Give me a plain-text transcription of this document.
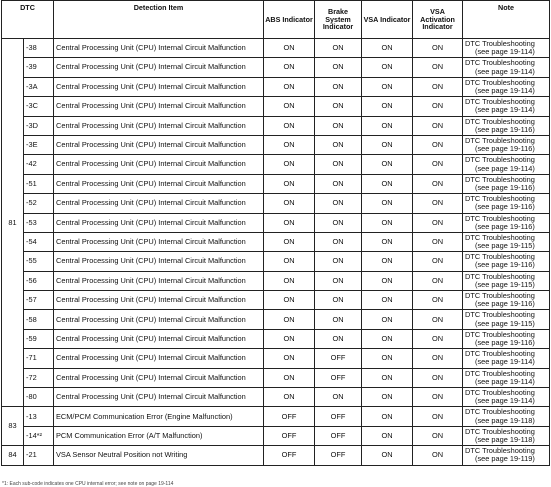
DTC		Detection Item	ABS Indicator	Brake System Indicator	VSA Indicator	VSA Activation Indicator	Note
81	-38	Central Processing Unit (CPU) Internal Circuit Malfunction	ON	ON	ON	ON	DTC Troubleshooting
(see page 19-114)

	-39	Central Processing Unit (CPU) Internal Circuit Malfunction	ON	ON	ON	ON	DTC Troubleshooting
(see page 19-114)

	-3A	Central Processing Unit (CPU) Internal Circuit Malfunction	ON	ON	ON	ON	DTC Troubleshooting
(see page 19-114)

	-3C	Central Processing Unit (CPU) Internal Circuit Malfunction	ON	ON	ON	ON	DTC Troubleshooting
(see page 19-114)

	-3D	Central Processing Unit (CPU) Internal Circuit Malfunction	ON	ON	ON	ON	DTC Troubleshooting
(see page 19-116)

	-3E	Central Processing Unit (CPU) Internal Circuit Malfunction	ON	ON	ON	ON	DTC Troubleshooting
(see page 19-116)

	-42	Central Processing Unit (CPU) Internal Circuit Malfunction	ON	ON	ON	ON	DTC Troubleshooting
(see page 19-114)

	-51	Central Processing Unit (CPU) Internal Circuit Malfunction	ON	ON	ON	ON	DTC Troubleshooting
(see page 19-116)

	-52	Central Processing Unit (CPU) Internal Circuit Malfunction	ON	ON	ON	ON	DTC Troubleshooting
(see page 19-116)

	-53	Central Processing Unit (CPU) Internal Circuit Malfunction	ON	ON	ON	ON	DTC Troubleshooting
(see page 19-116)

	-54	Central Processing Unit (CPU) Internal Circuit Malfunction	ON	ON	ON	ON	DTC Troubleshooting
(see page 19-115)

	-55	Central Processing Unit (CPU) Internal Circuit Malfunction	ON	ON	ON	ON	DTC Troubleshooting
(see page 19-116)

	-56	Central Processing Unit (CPU) Internal Circuit Malfunction	ON	ON	ON	ON	DTC Troubleshooting
(see page 19-115)

	-57	Central Processing Unit (CPU) Internal Circuit Malfunction	ON	ON	ON	ON	DTC Troubleshooting
(see page 19-116)

	-58	Central Processing Unit (CPU) Internal Circuit Malfunction	ON	ON	ON	ON	DTC Troubleshooting
(see page 19-115)

	-59	Central Processing Unit (CPU) Internal Circuit Malfunction	ON	ON	ON	ON	DTC Troubleshooting
(see page 19-116)

	-71	Central Processing Unit (CPU) Internal Circuit Malfunction	ON	OFF	ON	ON	DTC Troubleshooting
(see page 19-114)

	-72	Central Processing Unit (CPU) Internal Circuit Malfunction	ON	OFF	ON	ON	DTC Troubleshooting
(see page 19-114)

	-80	Central Processing Unit (CPU) Internal Circuit Malfunction	ON	ON	ON	ON	DTC Troubleshooting
(see page 19-114)

83	-13	ECM/PCM Communication Error (Engine Malfunction)	OFF	OFF	ON	ON	DTC Troubleshooting
(see page 19-118)

	-14*²	PCM Communication Error (A/T Malfunction)	OFF	OFF	ON	ON	DTC Troubleshooting
(see page 19-118)

84	-21	VSA Sensor Neutral Position not Writing	OFF	OFF	ON	ON	DTC Troubleshooting
(see page 19-119)
*1: Each sub-code indicates one CPU internal error; see note on page 19-114
